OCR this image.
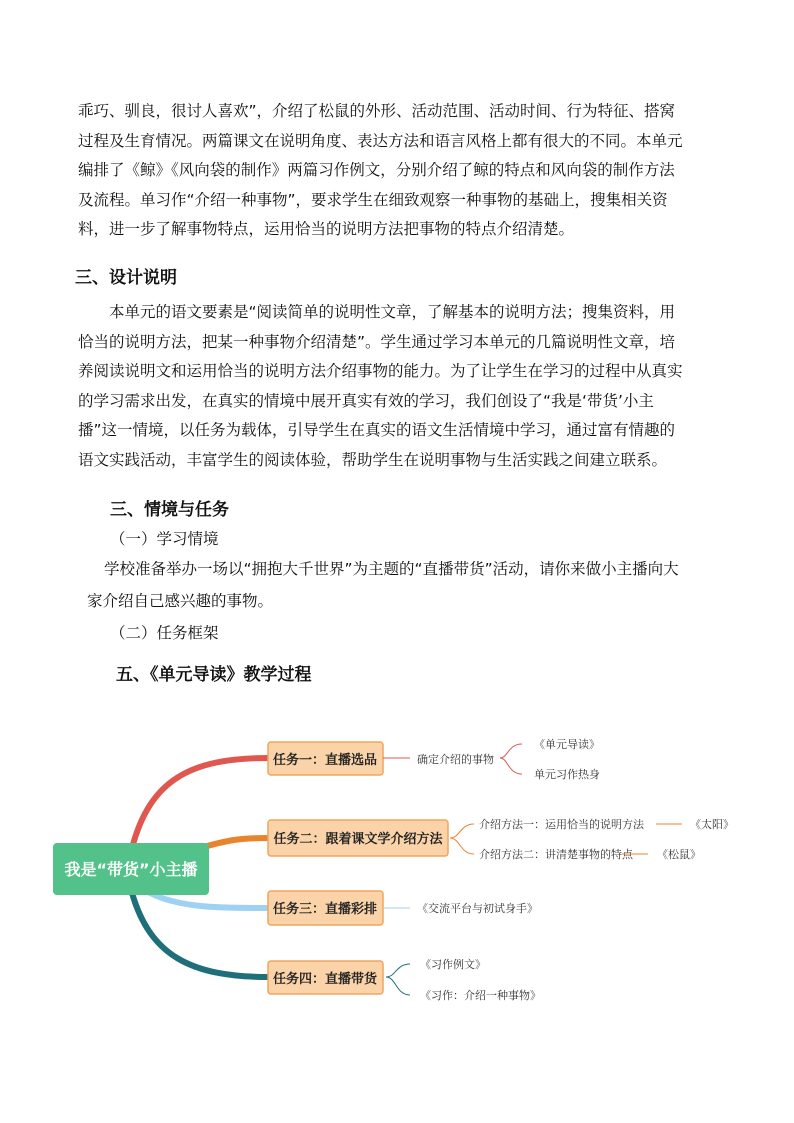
乖巧、驯良，很讨人喜欢”，介绍了松鼠的外形、活动范围、活动时间、行为特征、搭窝

过程及生育情况。两篇课文在说明角度、表达方法和语言风格上都有很大的不同。本单元

编排了《鲸》《风向袋的制作》两篇习作例文，分别介绍了鲸的特点和风向袋的制作方法

及流程。单习作“介绍一种事物”，要求学生在细致观察一种事物的基础上，搜集相关资

料，进一步了解事物特点，运用恰当的说明方法把事物的特点介绍清楚。

三、设计说明

本单元的语文要素是“阅读简单的说明性文章，了解基本的说明方法；搜集资料，用

恰当的说明方法，把某一种事物介绍清楚”。学生通过学习本单元的几篇说明性文章，培

养阅读说明文和运用恰当的说明方法介绍事物的能力。为了让学生在学习的过程中从真实

的学习需求出发，在真实的情境中展开真实有效的学习，我们创设了“我是‘带货’小主

播”这一情境，以任务为载体，引导学生在真实的语文生活情境中学习，通过富有情趣的

语文实践活动，丰富学生的阅读体验，帮助学生在说明事物与生活实践之间建立联系。

三、情境与任务
（一）学习情境
学校准备举办一场以“拥抱大千世界”为主题的“直播带货”活动，请你来做小主播向大
家介绍自己感兴趣的事物。
（二）任务框架
五、《单元导读》教学过程
我是“带货”小主播
任务一：直播选品	确定介绍的事物
《单元导读》
单元习作热身
任务二：跟着课文学介绍方法
介绍方法一：运用恰当的说明方法	《太阳》
介绍方法二：讲清楚事物的特点 《松鼠》
任务三：直播彩排	《交流平台与初试身手》
任务四：直播带货
《习作例文》
《习作：介绍一种事物》
